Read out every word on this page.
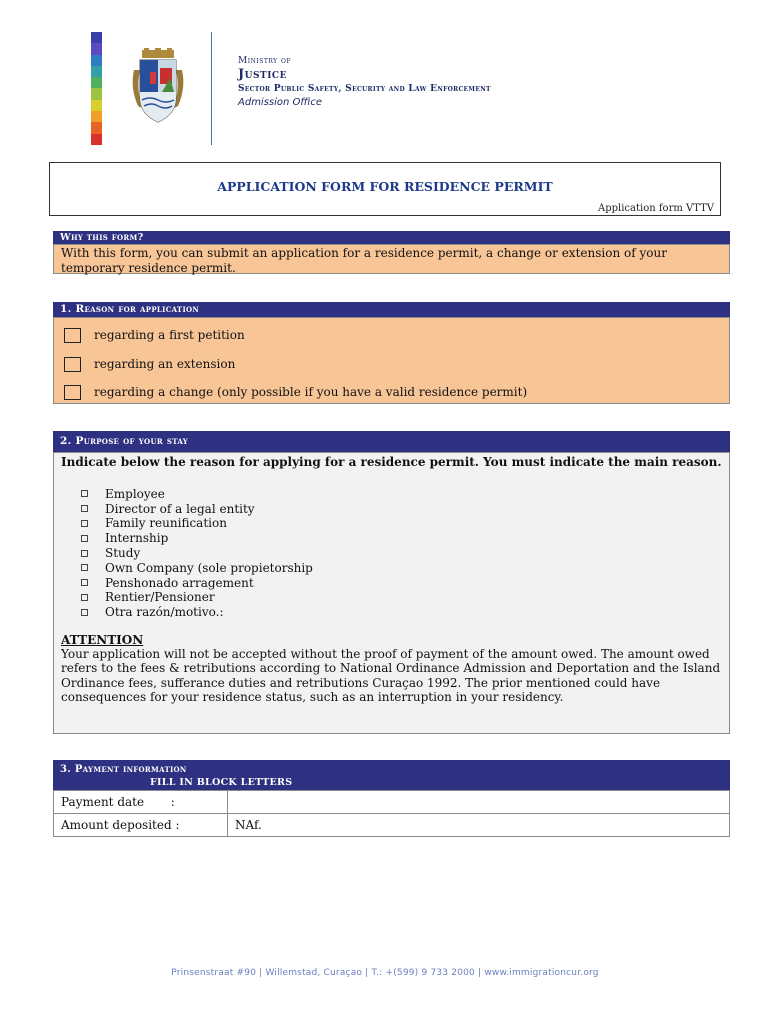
Ministry of
Justice
Sector Public Safety, Security and Law Enforcement
Admission Office
APPLICATION FORM FOR RESIDENCE PERMIT
Application form VTTV
Why this form?
With this form, you can submit an application for a residence permit, a change or extension of your temporary residence permit.
1. Reason for application
regarding a first petition
regarding an extension
regarding a change (only possible if you have a valid residence permit)
2. Purpose of your stay
Indicate below the reason for applying for a residence permit. You must indicate the main reason.
Employee
Director of a legal entity
Family reunification
Internship
Study
Own Company (sole propietorship
Penshonado arragement
Rentier/Pensioner
Otra razón/motivo.:
ATTENTION
Your application will not be accepted without the proof of payment of the amount owed. The amount owed refers to the fees & retributions according to National Ordinance Admission and Deportation and the Island Ordinance fees, sufferance duties and retributions Curaçao 1992. The prior mentioned could have consequences for your residence status, such as an interruption in your residency.
3. Payment information
FILL IN BLOCK LETTERS
Payment date       :	
Amount deposited :	NAf.
Prinsenstraat #90 | Willemstad, Curaçao | T.: +(599) 9 733 2000 | www.immigrationcur.org
